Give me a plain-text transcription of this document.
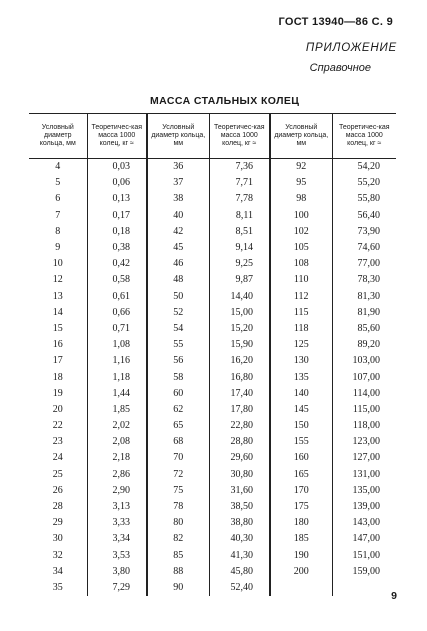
ГОСТ 13940—86 С. 9
ПРИЛОЖЕНИЕ
Справочное
МАССА СТАЛЬНЫХ КОЛЕЦ
Условный диаметр кольца, мм	Теоретичес-кая масса 1000 колец, кг ≈	Условный диаметр кольца, мм	Теоретичес-кая масса 1000 колец, кг ≈	Условный диаметр кольца, мм	Теоретичес-кая масса 1000 колец, кг ≈
4	0,03	36	7,36	92	54,20
5	0,06	37	7,71	95	55,20
6	0,13	38	7,78	98	55,80
7	0,17	40	8,11	100	56,40
8	0,18	42	8,51	102	73,90
9	0,38	45	9,14	105	74,60
10	0,42	46	9,25	108	77,00
12	0,58	48	9,87	110	78,30
13	0,61	50	14,40	112	81,30
14	0,66	52	15,00	115	81,90
15	0,71	54	15,20	118	85,60
16	1,08	55	15,90	125	89,20
17	1,16	56	16,20	130	103,00
18	1,18	58	16,80	135	107,00
19	1,44	60	17,40	140	114,00
20	1,85	62	17,80	145	115,00
22	2,02	65	22,80	150	118,00
23	2,08	68	28,80	155	123,00
24	2,18	70	29,60	160	127,00
25	2,86	72	30,80	165	131,00
26	2,90	75	31,60	170	135,00
28	3,13	78	38,50	175	139,00
29	3,33	80	38,80	180	143,00
30	3,34	82	40,30	185	147,00
32	3,53	85	41,30	190	151,00
34	3,80	88	45,80	200	159,00
35	7,29	90	52,40		
9
